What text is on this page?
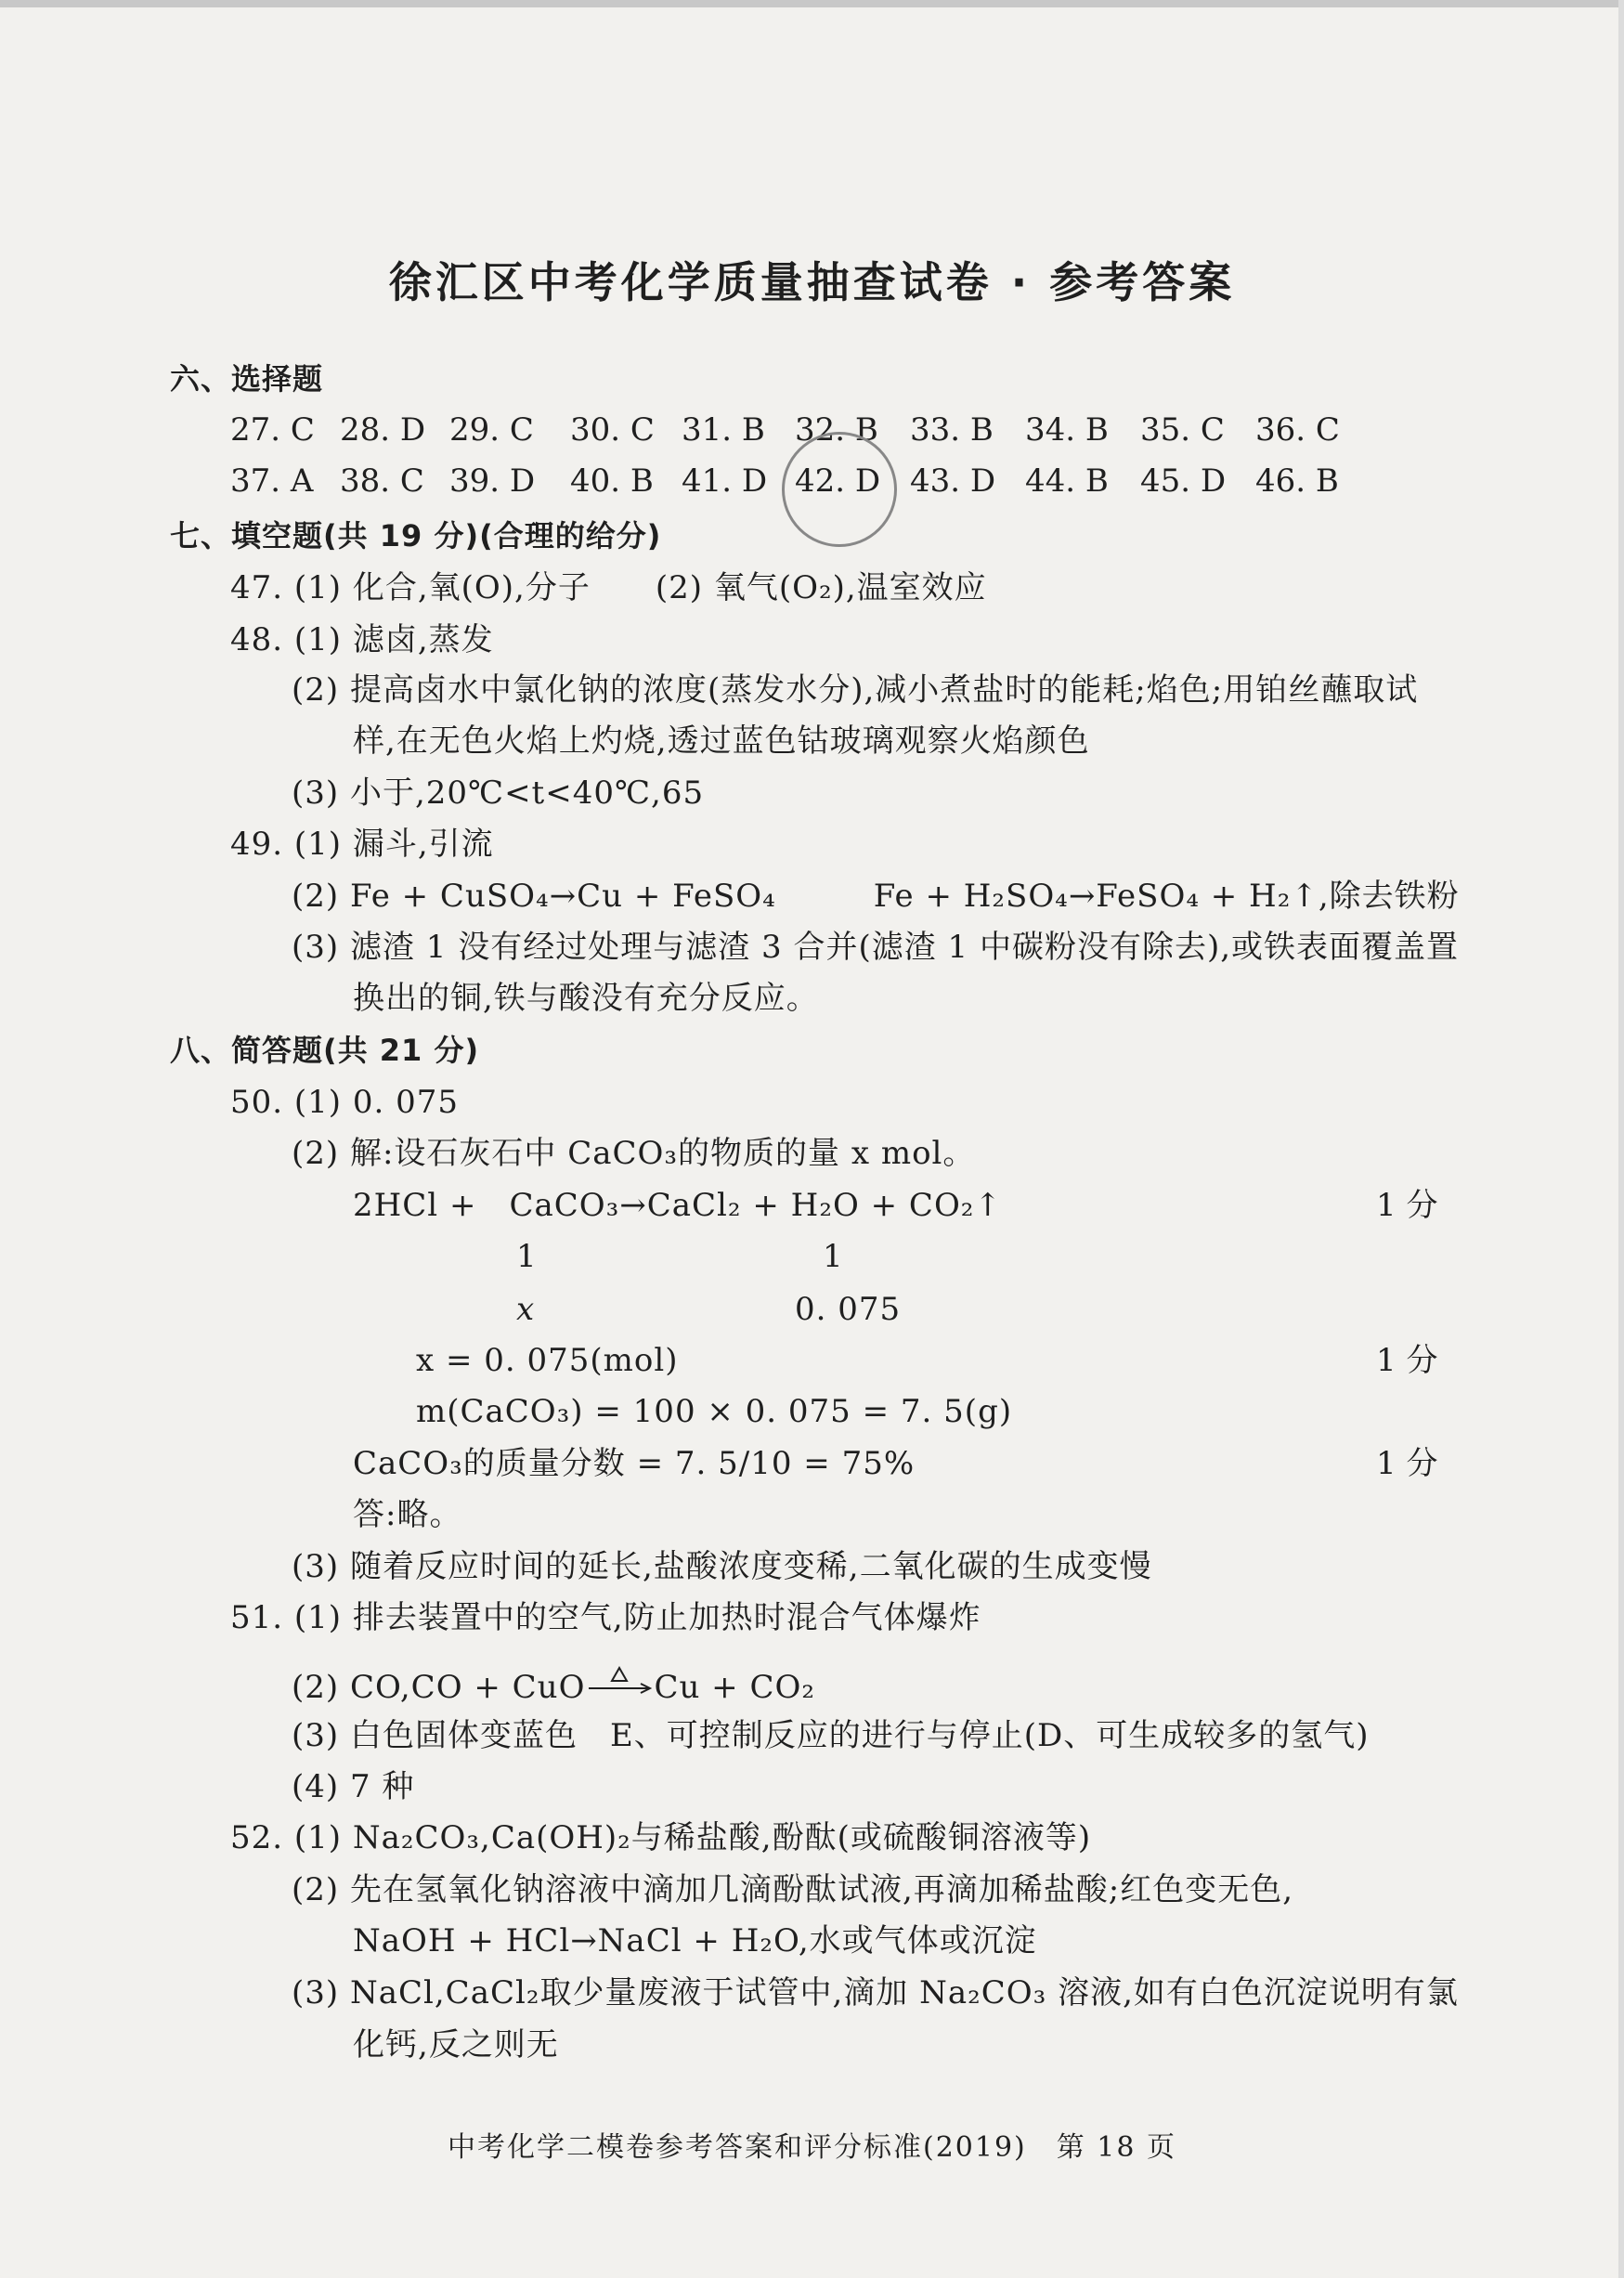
徐汇区中考化学质量抽查试卷 · 参考答案
六、选择题
27. C 28. D 29. C 30. C 31. B 32. B 33. B 34. B 35. C 36. C
37. A 38. C 39. D 40. B 41. D 42. D 43. D 44. B 45. D 46. B
七、填空题(共 19 分)(合理的给分)
47. (1) 化合,氧(O),分子　　(2) 氧气(O₂),温室效应
48. (1) 滤卤,蒸发
(2) 提高卤水中氯化钠的浓度(蒸发水分),减小煮盐时的能耗;焰色;用铂丝蘸取试
样,在无色火焰上灼烧,透过蓝色钴玻璃观察火焰颜色
(3) 小于,20℃<t<40℃,65
49. (1) 漏斗,引流
(2) Fe + CuSO₄→Cu + FeSO₄　　　Fe + H₂SO₄→FeSO₄ + H₂↑,除去铁粉
(3) 滤渣 1 没有经过处理与滤渣 3 合并(滤渣 1 中碳粉没有除去),或铁表面覆盖置
换出的铜,铁与酸没有充分反应。
八、简答题(共 21 分)
50. (1) 0. 075
(2) 解:设石灰石中 CaCO₃的物质的量 x mol。
2HCl +　CaCO₃→CaCl₂ + H₂O + CO₂↑	1 分
1	1
x	0. 075
x = 0. 075(mol)	1 分
m(CaCO₃) = 100 × 0. 075 = 7. 5(g)
CaCO₃的质量分数 = 7. 5/10 = 75%	1 分
答:略。
(3) 随着反应时间的延长,盐酸浓度变稀,二氧化碳的生成变慢
51. (1) 排去装置中的空气,防止加热时混合气体爆炸
(2) CO,CO + CuO Cu + CO₂
(3) 白色固体变蓝色　E、可控制反应的进行与停止(D、可生成较多的氢气)
(4) 7 种
52. (1) Na₂CO₃,Ca(OH)₂与稀盐酸,酚酞(或硫酸铜溶液等)
(2) 先在氢氧化钠溶液中滴加几滴酚酞试液,再滴加稀盐酸;红色变无色,
NaOH + HCl→NaCl + H₂O,水或气体或沉淀
(3) NaCl,CaCl₂取少量废液于试管中,滴加 Na₂CO₃ 溶液,如有白色沉淀说明有氯
化钙,反之则无
中考化学二模卷参考答案和评分标准(2019)　第 18 页
